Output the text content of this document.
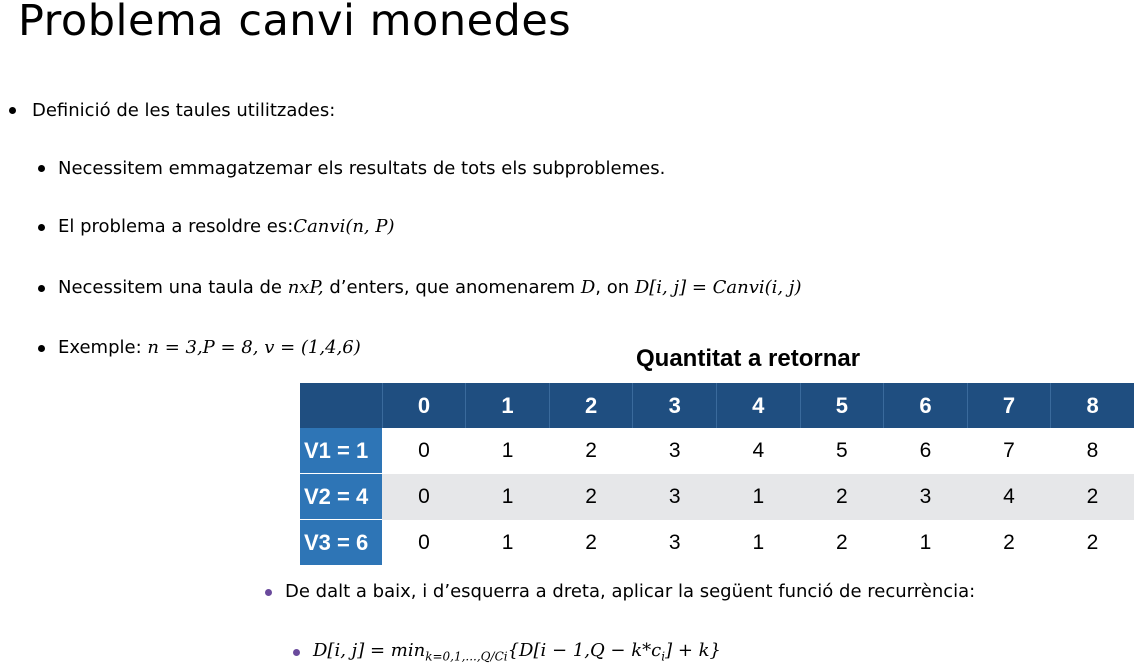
Problema canvi monedes
Definició de les taules utilitzades:
Necessitem emmagatzemar els resultats de tots els subproblemes.
El problema a resoldre es:Canvi(n, P)
Necessitem una taula de nxP, d’enters, que anomenarem D, on D[i, j] = Canvi(i, j)
Exemple: n = 3,P = 8, v = (1,4,6)	Quantitat a retornar
	0	1	2	3	4	5	6	7	8
V1 = 1	0	1	2	3	4	5	6	7	8
V2 = 4	0	1	2	3	1	2	3	4	2
V3 = 6	0	1	2	3	1	2	1	2	2
De dalt a baix, i d’esquerra a dreta, aplicar la següent funció de recurrència:
D[i, $j] = \min_{k=0,1,...,Q/Ci}\{D[i - 1,Q - k*c_i] + k\}$
